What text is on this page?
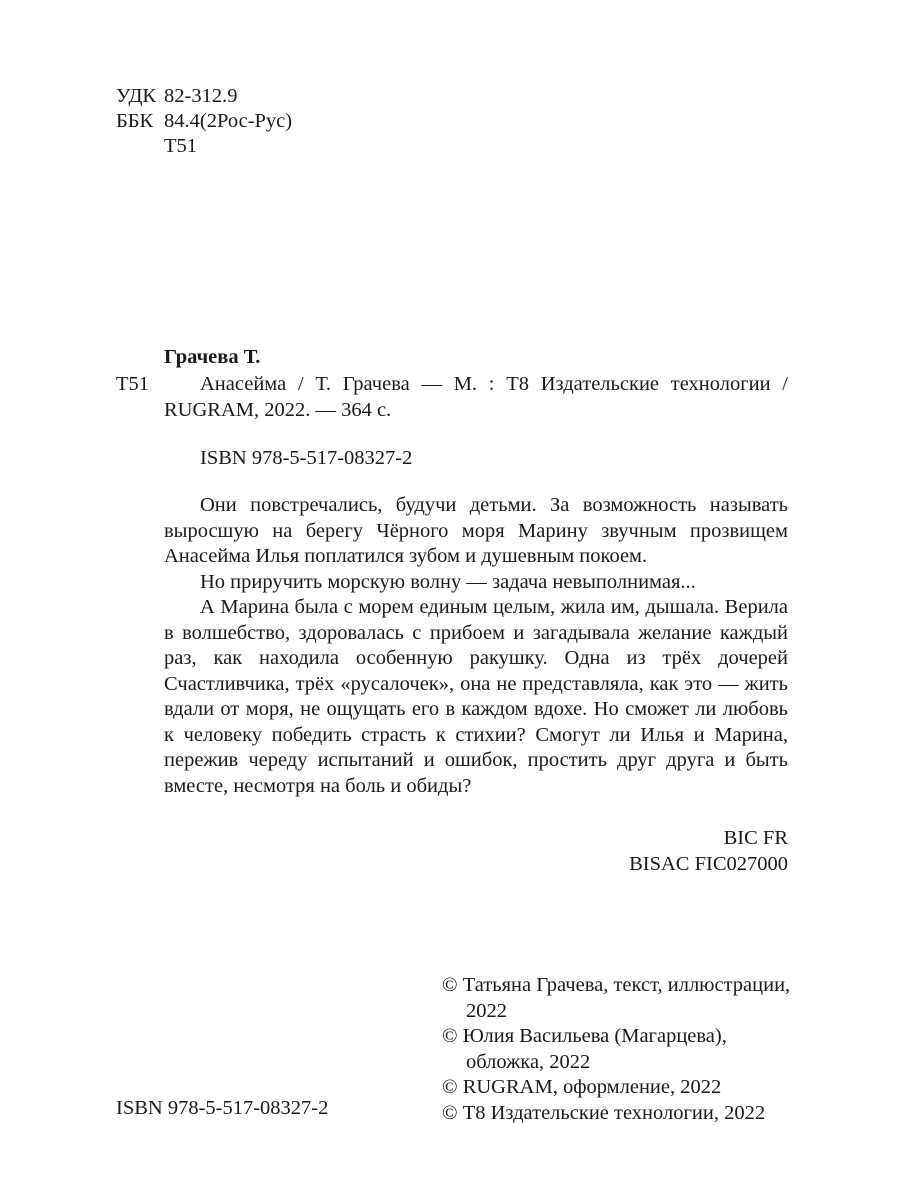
УДК 82-312.9
ББК 84.4(2Рос-Рус)
Т51
Грачева Т.
Т51	Анасейма / Т. Грачева — М. : Т8 Издательские технологии / RUGRAM, 2022. — 364 с.
ISBN 978-5-517-08327-2

Они повстречались, будучи детьми. За возможность называть выросшую на берегу Чёрного моря Марину звучным прозвищем Анасейма Илья поплатился зубом и душевным покоем.

Но приручить морскую волну — задача невыполнимая...

А Марина была с морем единым целым, жила им, дышала. Верила в волшебство, здоровалась с прибоем и загадывала желание каждый раз, как находила особенную ракушку. Одна из трёх дочерей Счастливчика, трёх «русалочек», она не представляла, как это — жить вдали от моря, не ощущать его в каждом вдохе. Но сможет ли любовь к человеку победить страсть к стихии? Смогут ли Илья и Марина, пережив череду испытаний и ошибок, простить друг друга и быть вместе, несмотря на боль и обиды?

BIC FR
BISAC FIC027000
ISBN 978-5-517-08327-2
© Татьяна Грачева, текст, иллюстрации, 2022
© Юлия Васильева (Магарцева), обложка, 2022
© RUGRAM, оформление, 2022
© Т8 Издательские технологии, 2022
